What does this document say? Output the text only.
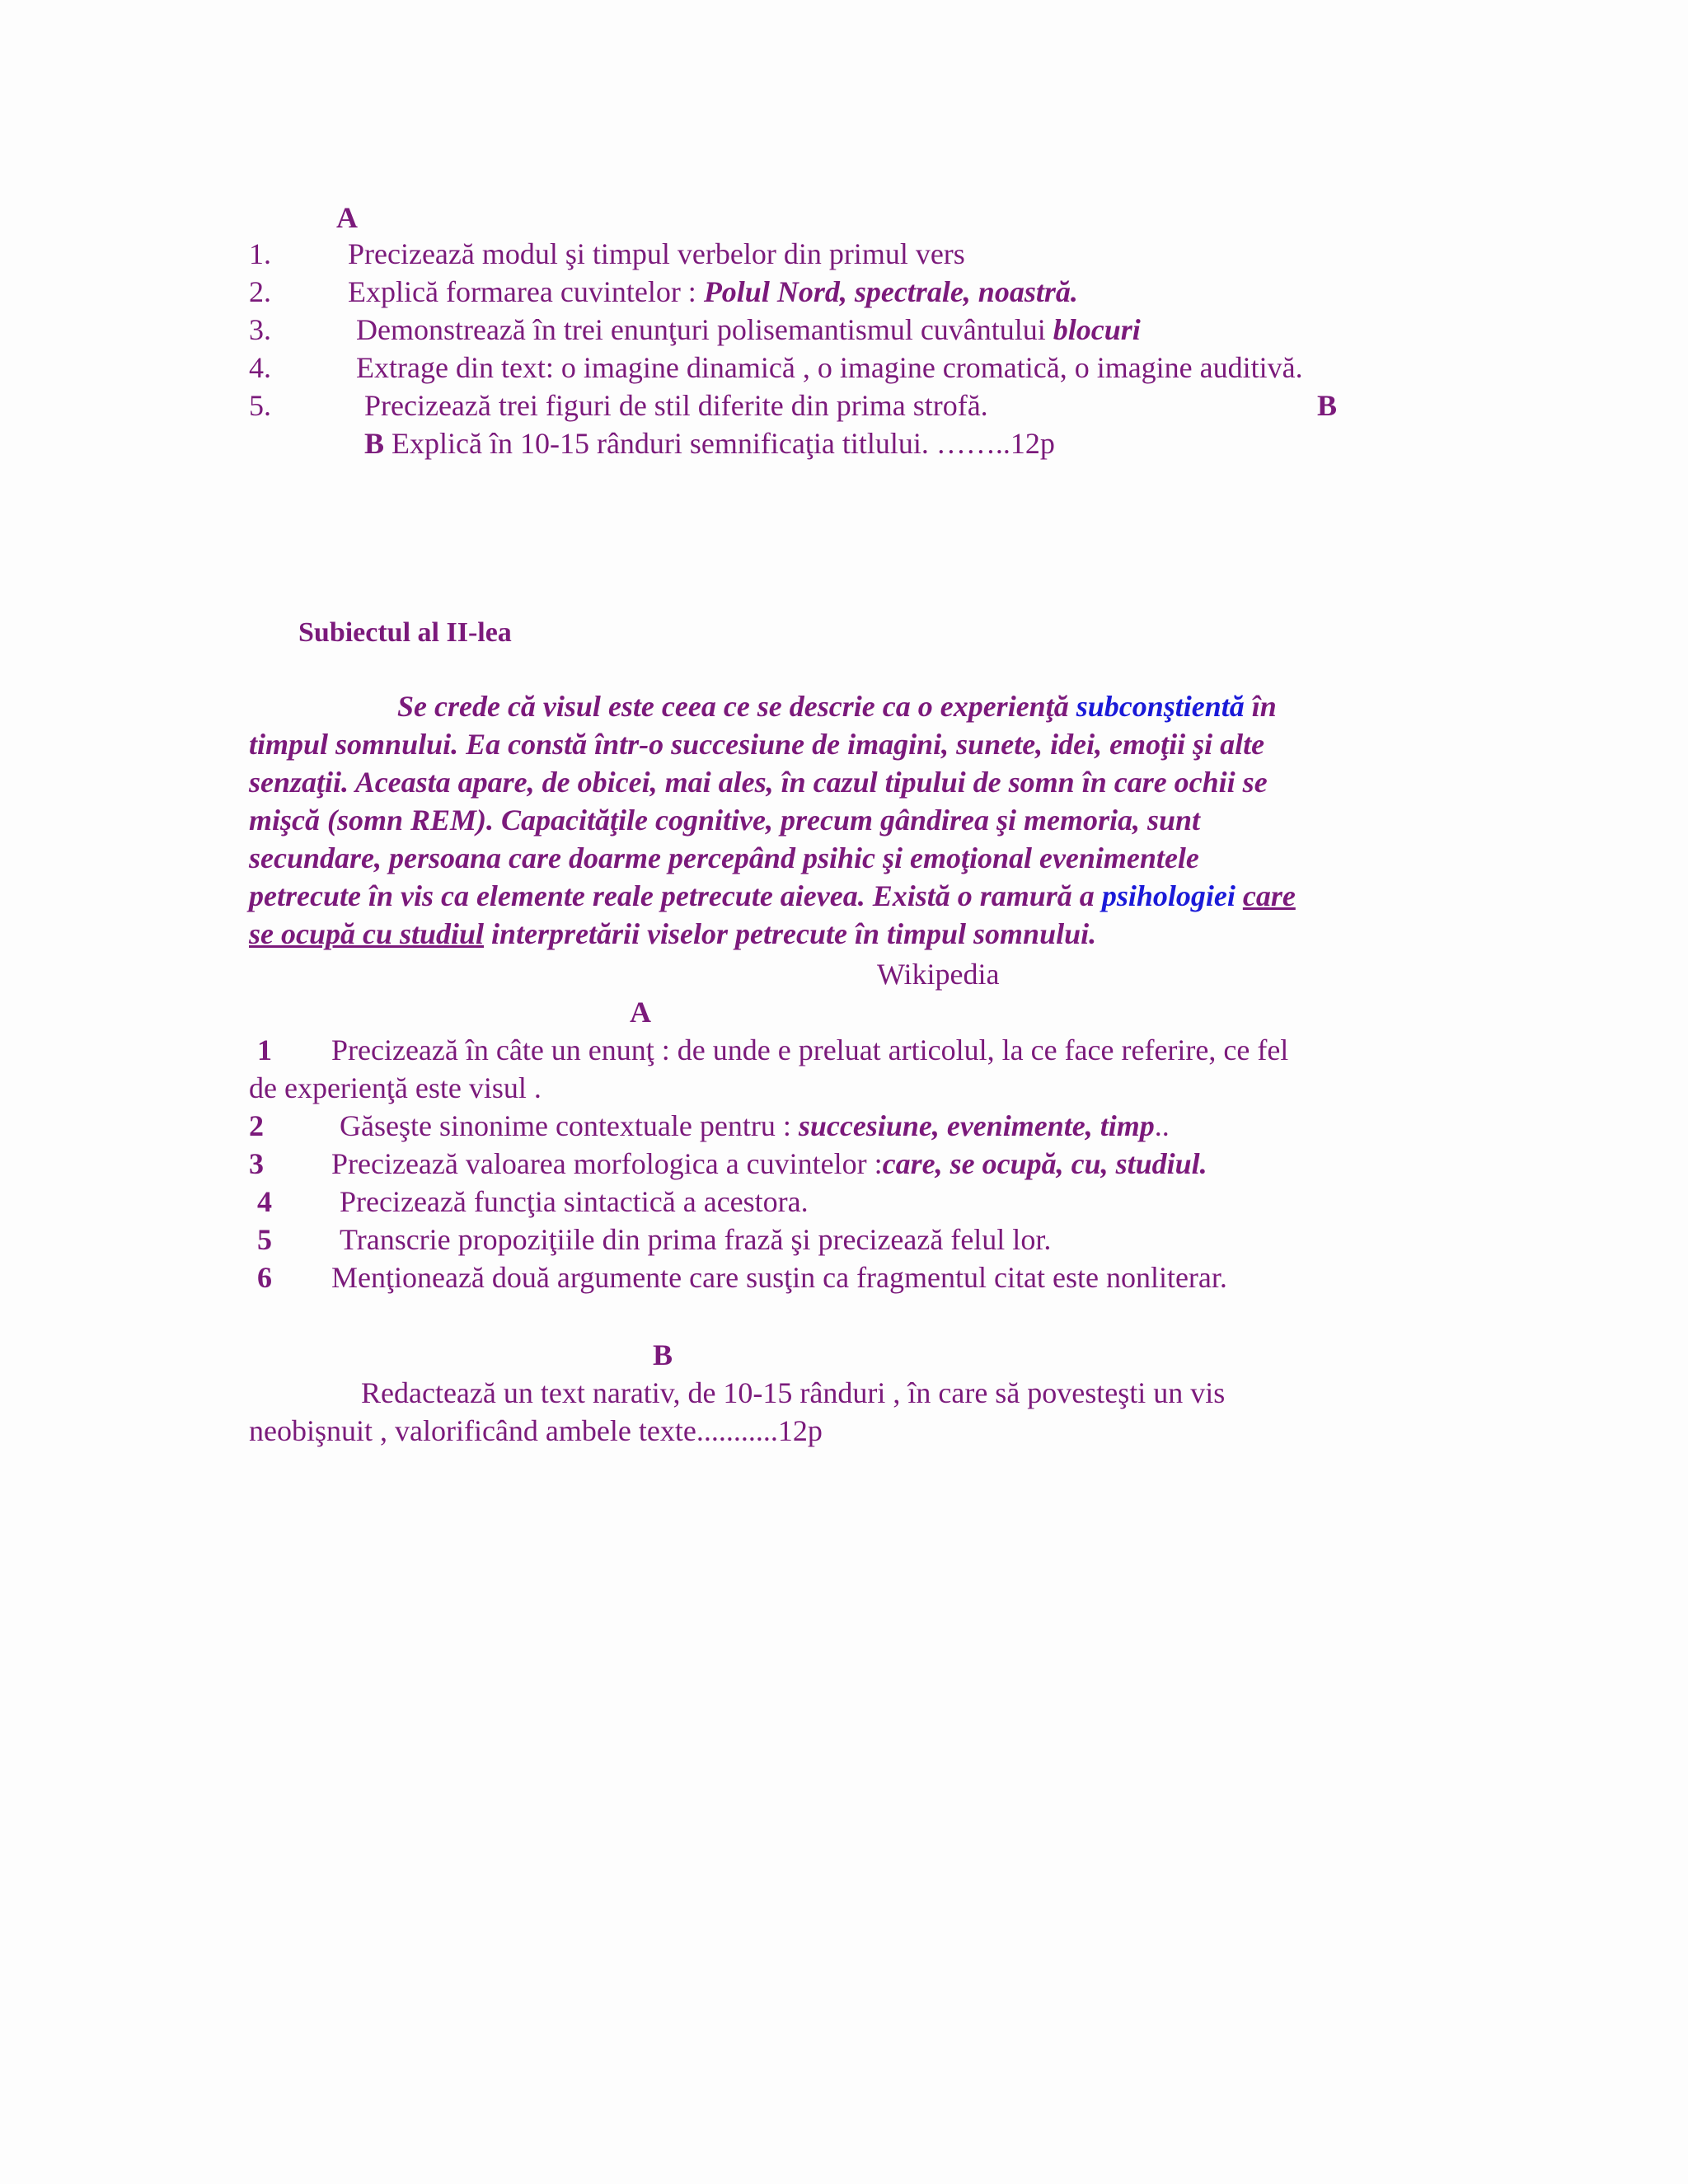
A
1.	Precizează modul şi timpul verbelor din primul vers
2.	Explică formarea cuvintelor : Polul Nord, spectrale, noastră.
3.	Demonstrează în trei enunţuri polisemantismul cuvântului blocuri
4.	Extrage din text: o imagine dinamică , o imagine cromatică, o imagine auditivă.
5.	Precizează trei figuri de stil diferite din prima strofă.	B
B Explică în 10-15 rânduri semnificaţia titlului. ……..12p
Subiectul al II-lea

Se crede că visul este ceea ce se descrie ca o experienţă subconştientă în

timpul somnului. Ea constă într-o succesiune de imagini, sunete, idei, emoţii şi alte

senzaţii. Aceasta apare, de obicei, mai ales, în cazul tipului de somn în care ochii se

mişcă (somn REM). Capacităţile cognitive, precum gândirea şi memoria, sunt

secundare, persoana care doarme percepând psihic şi emoţional evenimentele

petrecute în vis ca elemente reale petrecute aievea. Există o ramură a psihologiei care

se ocupă cu studiul interpretării viselor petrecute în timpul somnului.

Wikipedia
A
1 Precizează în câte un enunţ : de unde e preluat articolul, la ce face referire, ce fel
de experienţă este visul .
2	Găseşte sinonime contextuale pentru : succesiune, evenimente, timp..
3 Precizează valoarea morfologica a cuvintelor :care, se ocupă, cu, studiul.
4 Precizează funcţia sintactică a acestora.
5 Transcrie propoziţiile din prima frază şi precizează felul lor.
6 Menţionează două argumente care susţin ca fragmentul citat este nonliterar.
B
Redactează un text narativ, de 10-15 rânduri , în care să povesteşti un vis
neobişnuit , valorificând ambele texte...........12p
